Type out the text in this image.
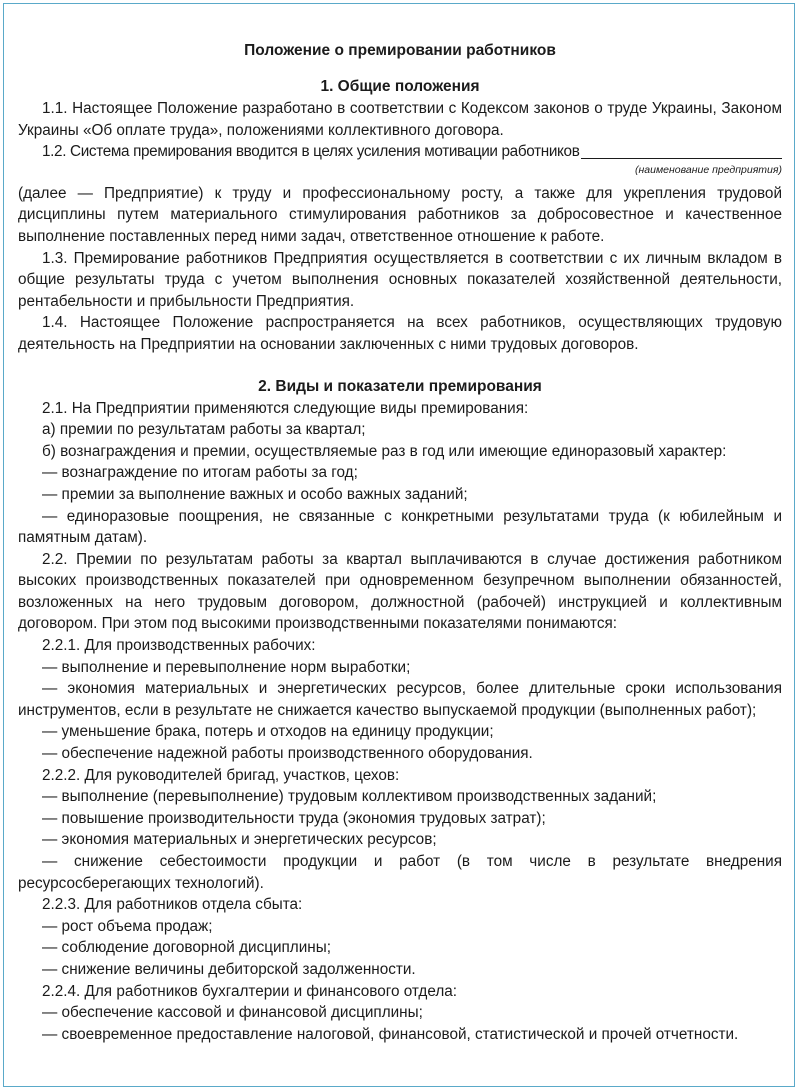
Положение о премировании работников
1. Общие положения

1.1. Настоящее Положение разработано в соответствии с Кодексом законов о труде Украины, Законом Украины «Об оплате труда», положениями коллективного договора.

1.2. Система премирования вводится в целях усиления мотивации работников
(наименование предприятия)

(далее — Предприятие) к труду и профессиональному росту, а также для укрепления трудовой дисциплины путем материального стимулирования работников за добросовестное и качественное выполнение поставленных перед ними задач, ответственное отношение к работе.

1.3. Премирование работников Предприятия осуществляется в соответствии с их личным вкладом в общие результаты труда с учетом выполнения основных показателей хозяйственной деятельности, рентабельности и прибыльности Предприятия.

1.4. Настоящее Положение распространяется на всех работников, осуществляющих трудовую деятельность на Предприятии на основании заключенных с ними трудовых договоров.

2. Виды и показатели премирования

2.1. На Предприятии применяются следующие виды премирования:

а) премии по результатам работы за квартал;

б) вознаграждения и премии, осуществляемые раз в год или имеющие единоразовый характер:

— вознаграждение по итогам работы за год;

— премии за выполнение важных и особо важных заданий;

— единоразовые поощрения, не связанные с конкретными результатами труда (к юбилейным и памятным датам).

2.2. Премии по результатам работы за квартал выплачиваются в случае достижения работником высоких производственных показателей при одновременном безупречном выполнении обязанностей, возложенных на него трудовым договором, должностной (рабочей) инструкцией и коллективным договором. При этом под высокими производственными показателями понимаются:

2.2.1. Для производственных рабочих:

— выполнение и перевыполнение норм выработки;

— экономия материальных и энергетических ресурсов, более длительные сроки использования инструментов, если в результате не снижается качество выпускаемой продукции (выполненных работ);

— уменьшение брака, потерь и отходов на единицу продукции;

— обеспечение надежной работы производственного оборудования.

2.2.2. Для руководителей бригад, участков, цехов:

— выполнение (перевыполнение) трудовым коллективом производственных заданий;

— повышение производительности труда (экономия трудовых затрат);

— экономия материальных и энергетических ресурсов;

— снижение себестоимости продукции и работ (в том числе в результате внедрения ресурсосберегающих технологий).

2.2.3. Для работников отдела сбыта:

— рост объема продаж;

— соблюдение договорной дисциплины;

— снижение величины дебиторской задолженности.

2.2.4. Для работников бухгалтерии и финансового отдела:

— обеспечение кассовой и финансовой дисциплины;

— своевременное предоставление налоговой, финансовой, статистической и прочей отчетности.
